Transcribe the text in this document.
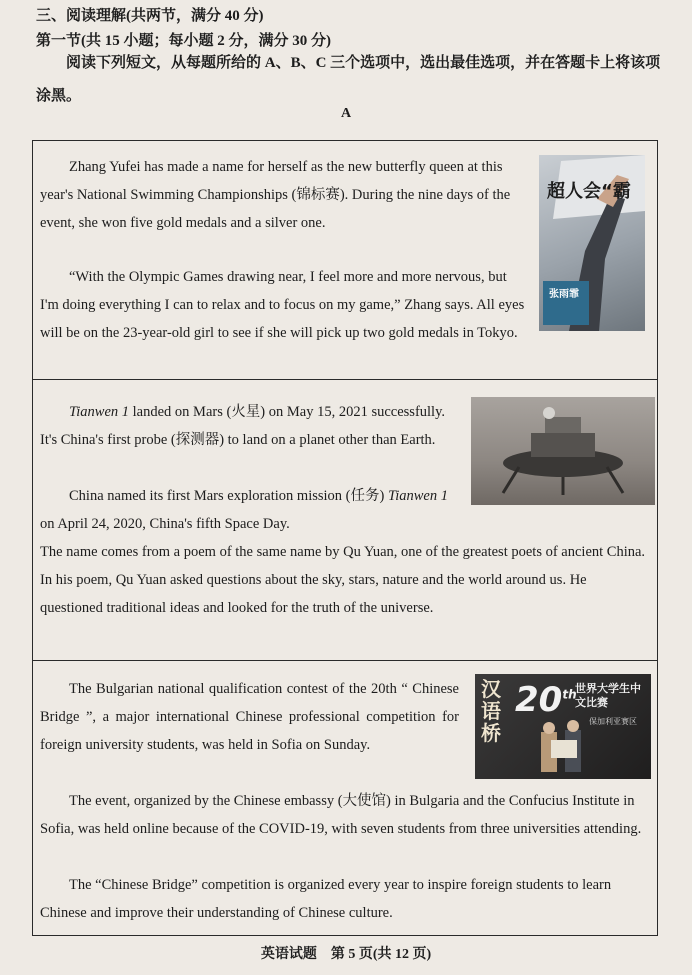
三、阅读理解(共两节，满分 40 分)
第一节(共 15 小题；每小题 2 分，满分 30 分)
阅读下列短文，从每题所给的 A、B、C 三个选项中，选出最佳选项，并在答题卡上将该项涂黑。
A
Zhang Yufei has made a name for herself as the new butterfly queen at this year's National Swimming Championships (锦标赛). During the nine days of the event, she won five gold medals and a silver one.
“With the Olympic Games drawing near, I feel more and more nervous, but I'm doing everything I can to relax and to focus on my game,” Zhang says. All eyes will be on the 23-year-old girl to see if she will pick up two gold medals in Tokyo.
超人会“霸
张雨霏
Tianwen 1 landed on Mars (火星) on May 15, 2021 successfully. It's China's first probe (探测器) to land on a planet other than Earth.
China named its first Mars exploration mission (任务) Tianwen 1 on April 24, 2020, China's fifth Space Day.
The name comes from a poem of the same name by Qu Yuan, one of the greatest poets of ancient China. In his poem, Qu Yuan asked questions about the sky, stars, nature and the world around us. He questioned traditional ideas and looked for the truth of the universe.
The Bulgarian national qualification contest of the 20th “ Chinese Bridge ”, a major international Chinese professional competition for foreign university students, was held in Sofia on Sunday.
The event, organized by the Chinese embassy (大使馆) in Bulgaria and the Confucius Institute in Sofia, was held online because of the COVID-19, with seven students from three universities attending.
The “Chinese Bridge” competition is organized every year to inspire foreign students to learn Chinese and improve their understanding of Chinese culture.
汉语桥
20th
世界大学生中文比赛
保加利亚赛区
英语试题　第 5 页(共 12 页)
